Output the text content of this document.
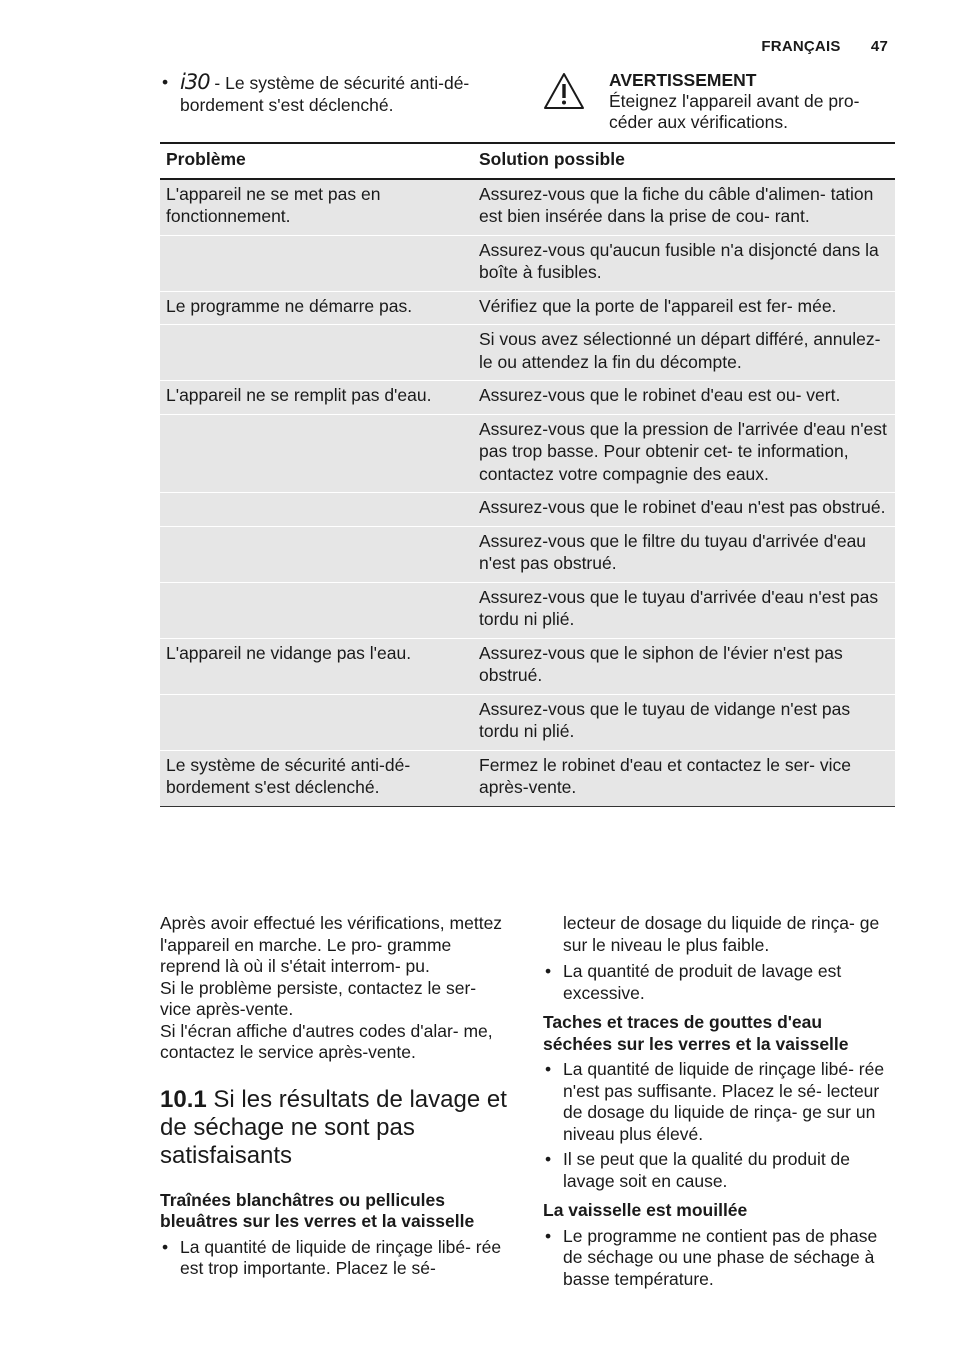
FRANÇAIS 47
• i30 - Le système de sécurité anti-dé- bordement s'est déclenché.
AVERTISSEMENT
Éteignez l'appareil avant de pro- céder aux vérifications.
Problème	Solution possible
L'appareil ne se met pas en fonctionnement.	Assurez-vous que la fiche du câble d'alimen- tation est bien insérée dans la prise de cou- rant.
	Assurez-vous qu'aucun fusible n'a disjoncté dans la boîte à fusibles.
Le programme ne démarre pas.	Vérifiez que la porte de l'appareil est fer- mée.
	Si vous avez sélectionné un départ différé, annulez-le ou attendez la fin du décompte.
L'appareil ne se remplit pas d'eau.	Assurez-vous que le robinet d'eau est ou- vert.
	Assurez-vous que la pression de l'arrivée d'eau n'est pas trop basse. Pour obtenir cet- te information, contactez votre compagnie des eaux.
	Assurez-vous que le robinet d'eau n'est pas obstrué.
	Assurez-vous que le filtre du tuyau d'arrivée d'eau n'est pas obstrué.
	Assurez-vous que le tuyau d'arrivée d'eau n'est pas tordu ni plié.
L'appareil ne vidange pas l'eau.	Assurez-vous que le siphon de l'évier n'est pas obstrué.
	Assurez-vous que le tuyau de vidange n'est pas tordu ni plié.
Le système de sécurité anti-dé- bordement s'est déclenché.	Fermez le robinet d'eau et contactez le ser- vice après-vente.

Après avoir effectué les vérifications, mettez l'appareil en marche. Le pro- gramme reprend là où il s'était interrom- pu.

Si le problème persiste, contactez le ser- vice après-vente.

Si l'écran affiche d'autres codes d'alar- me, contactez le service après-vente.

10.1 Si les résultats de lavage et de séchage ne sont pas satisfaisants

Traînées blanchâtres ou pellicules bleuâtres sur les verres et la vaisselle

• La quantité de liquide de rinçage libé- rée est trop importante. Placez le sé-

lecteur de dosage du liquide de rinça- ge sur le niveau le plus faible.

• La quantité de produit de lavage est excessive.

Taches et traces de gouttes d'eau séchées sur les verres et la vaisselle

• La quantité de liquide de rinçage libé- rée n'est pas suffisante. Placez le sé- lecteur de dosage du liquide de rinça- ge sur un niveau plus élevé.
• Il se peut que la qualité du produit de lavage soit en cause.

La vaisselle est mouillée

• Le programme ne contient pas de phase de séchage ou une phase de séchage à basse température.
